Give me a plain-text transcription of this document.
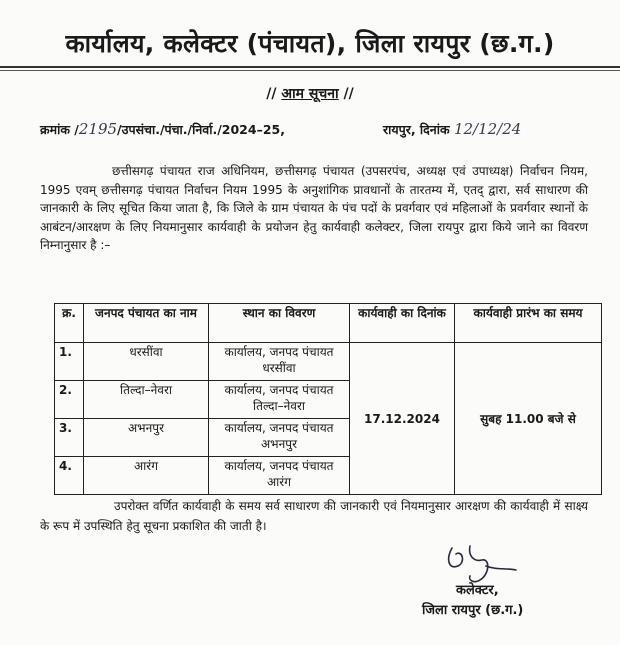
कार्यालय, कलेक्टर (पंचायत), जिला रायपुर (छ.ग.)
// आम सूचना //
क्रमांक /2195/उपसंचा./पंचा./निर्वा./2024–25,	रायपुर, दिनांक 12/12/24
छत्तीसगढ़ पंचायत राज अधिनियम, छत्तीसगढ़ पंचायत (उपसरपंच, अध्यक्ष एवं उपाध्यक्ष) निर्वाचन नियम, 1995 एवम् छत्तीसगढ़ पंचायत निर्वाचन नियम 1995 के अनुशांगिक प्रावधानों के तारतम्य में, एतद् द्वारा, सर्व साधारण की जानकारी के लिए सूचित किया जाता है, कि जिले के ग्राम पंचायत के पंच पदों के प्रवर्गवार एवं महिलाओं के प्रवर्गवार स्थानों के आबंटन/आरक्षण के लिए नियमानुसार कार्यवाही के प्रयोजन हेतु कार्यवाही कलेक्टर, जिला रायपुर द्वारा किये जाने का विवरण निम्नानुसार है :–
क्र.	जनपद पंचायत का नाम	स्थान का विवरण	कार्यवाही का दिनांक	कार्यवाही प्रारंभ का समय
1.	धरसींवा	कार्यालय, जनपद पंचायत धरसींवा	17.12.2024	सुबह 11.00 बजे से
2.	तिल्दा–नेवरा	कार्यालय, जनपद पंचायत तिल्दा–नेवरा		
3.	अभनपुर	कार्यालय, जनपद पंचायत अभनपुर		
4.	आरंग	कार्यालय, जनपद पंचायत आरंग		
उपरोक्त वर्णित कार्यवाही के समय सर्व साधारण की जानकारी एवं नियमानुसार आरक्षण की कार्यवाही में साक्ष्य के रूप में उपस्थिति हेतु सूचना प्रकाशित की जाती है।
कलेक्टर,
जिला रायपुर (छ.ग.)
